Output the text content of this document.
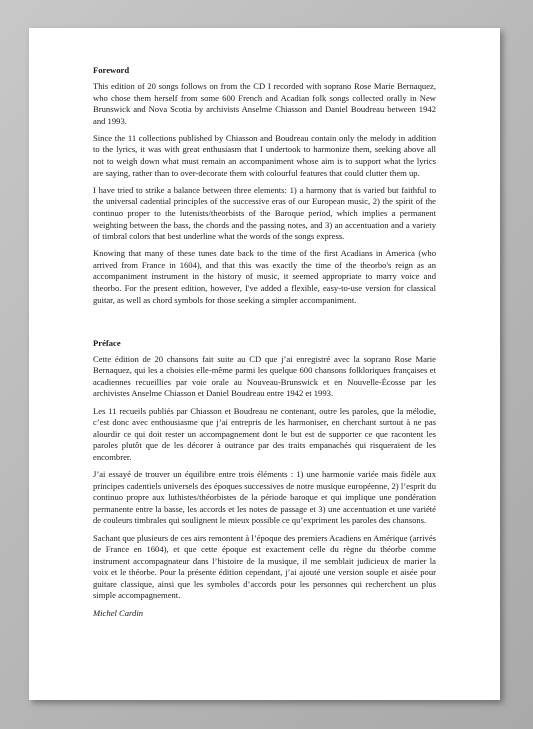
Foreword

This edition of 20 songs follows on from the CD I recorded with soprano Rose Marie Bernaquez, who chose them herself from some 600 French and Acadian folk songs collected orally in New Brunswick and Nova Scotia by archivists Anselme Chiasson and Daniel Boudreau between 1942 and 1993.

Since the 11 collections published by Chiasson and Boudreau contain only the melody in addition to the lyrics, it was with great enthusiasm that I undertook to harmonize them, seeking above all not to weigh down what must remain an accompaniment whose aim is to support what the lyrics are saying, rather than to over-decorate them with colourful features that could clutter them up.

I have tried to strike a balance between three elements: 1) a harmony that is varied but faithful to the universal cadential principles of the successive eras of our European music, 2) the spirit of the continuo proper to the lutenists/theorbists of the Baroque period, which implies a permanent weighting between the bass, the chords and the passing notes, and 3) an accentuation and a variety of timbral colors that best underline what the words of the songs express.

Knowing that many of these tunes date back to the time of the first Acadians in America (who arrived from France in 1604), and that this was exactly the time of the theorbo's reign as an accompaniment instrument in the history of music, it seemed appropriate to marry voice and theorbo. For the present edition, however, I've added a flexible, easy-to-use version for classical guitar, as well as chord symbols for those seeking a simpler accompaniment.

Préface

Cette édition de 20 chansons fait suite au CD que j’ai enregistré avec la soprano Rose Marie Bernaquez, qui les a choisies elle-même parmi les quelque 600 chansons folkloriques françaises et acadiennes recueillies par voie orale au Nouveau-Brunswick et en Nouvelle-Écosse par les archivistes Anselme Chiasson et Daniel Boudreau entre 1942 et 1993.

Les 11 recueils publiés par Chiasson et Boudreau ne contenant, outre les paroles, que la mélodie, c’est donc avec enthousiasme que j’ai entrepris de les harmoniser, en cherchant surtout à ne pas alourdir ce qui doit rester un accompagnement dont le but est de supporter ce que racontent les paroles plutôt que de les décorer à outrance par des traits empanachés qui risqueraient de les encombrer.

J’ai essayé de trouver un équilibre entre trois éléments : 1) une harmonie variée mais fidèle aux principes cadentiels universels des époques successives de notre musique européenne, 2) l’esprit du continuo propre aux luthistes/théorbistes de la période baroque et qui implique une pondération permanente entre la basse, les accords et les notes de passage et 3) une accentuation et une variété de couleurs timbrales qui soulignent le mieux possible ce qu’expriment les paroles des chansons.

Sachant que plusieurs de ces airs remontent à l’époque des premiers Acadiens en Amérique (arrivés de France en 1604), et que cette époque est exactement celle du règne du théorbe comme instrument accompagnateur dans l’histoire de la musique, il me semblait judicieux de marier la voix et le théorbe. Pour la présente édition cependant, j’ai ajouté une version souple et aisée pour guitare classique, ainsi que les symboles d’accords pour les personnes qui recherchent un plus simple accompagnement.

Michel Cardin
